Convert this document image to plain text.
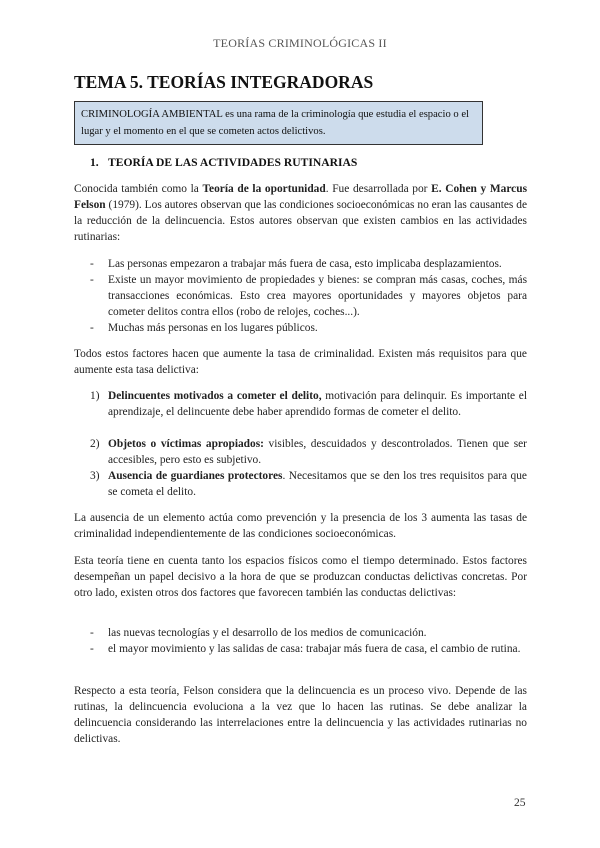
TEORÍAS CRIMINOLÓGICAS II
TEMA 5. TEORÍAS INTEGRADORAS
CRIMINOLOGÍA AMBIENTAL es una rama de la criminología que estudia el espacio o el lugar y el momento en el que se cometen actos delictivos.
1. TEORÍA DE LAS ACTIVIDADES RUTINARIAS

Conocida también como la Teoría de la oportunidad. Fue desarrollada por E. Cohen y Marcus Felson (1979). Los autores observan que las condiciones socioeconómicas no eran las causantes de la reducción de la delincuencia. Estos autores observan que existen cambios en las actividades rutinarias:

- Las personas empezaron a trabajar más fuera de casa, esto implicaba desplazamientos.
- Existe un mayor movimiento de propiedades y bienes: se compran más casas, coches, más transacciones económicas. Esto crea mayores oportunidades y mayores objetos para cometer delitos contra ellos (robo de relojes, coches...).
- Muchas más personas en los lugares públicos.

Todos estos factores hacen que aumente la tasa de criminalidad. Existen más requisitos para que aumente esta tasa delictiva:

1) Delincuentes motivados a cometer el delito, motivación para delinquir. Es importante el aprendizaje, el delincuente debe haber aprendido formas de cometer el delito.
2) Objetos o víctimas apropiados: visibles, descuidados y descontrolados. Tienen que ser accesibles, pero esto es subjetivo.
3) Ausencia de guardianes protectores. Necesitamos que se den los tres requisitos para que se cometa el delito.

La ausencia de un elemento actúa como prevención y la presencia de los 3 aumenta las tasas de criminalidad independientemente de las condiciones socioeconómicas.

Esta teoría tiene en cuenta tanto los espacios físicos como el tiempo determinado. Estos factores desempeñan un papel decisivo a la hora de que se produzcan conductas delictivas concretas. Por otro lado, existen otros dos factores que favorecen también las conductas delictivas:

- las nuevas tecnologías y el desarrollo de los medios de comunicación.
- el mayor movimiento y las salidas de casa: trabajar más fuera de casa, el cambio de rutina.

Respecto a esta teoría, Felson considera que la delincuencia es un proceso vivo. Depende de las rutinas, la delincuencia evoluciona a la vez que lo hacen las rutinas. Se debe analizar la delincuencia considerando las interrelaciones entre la delincuencia y las actividades rutinarias no delictivas.

25
